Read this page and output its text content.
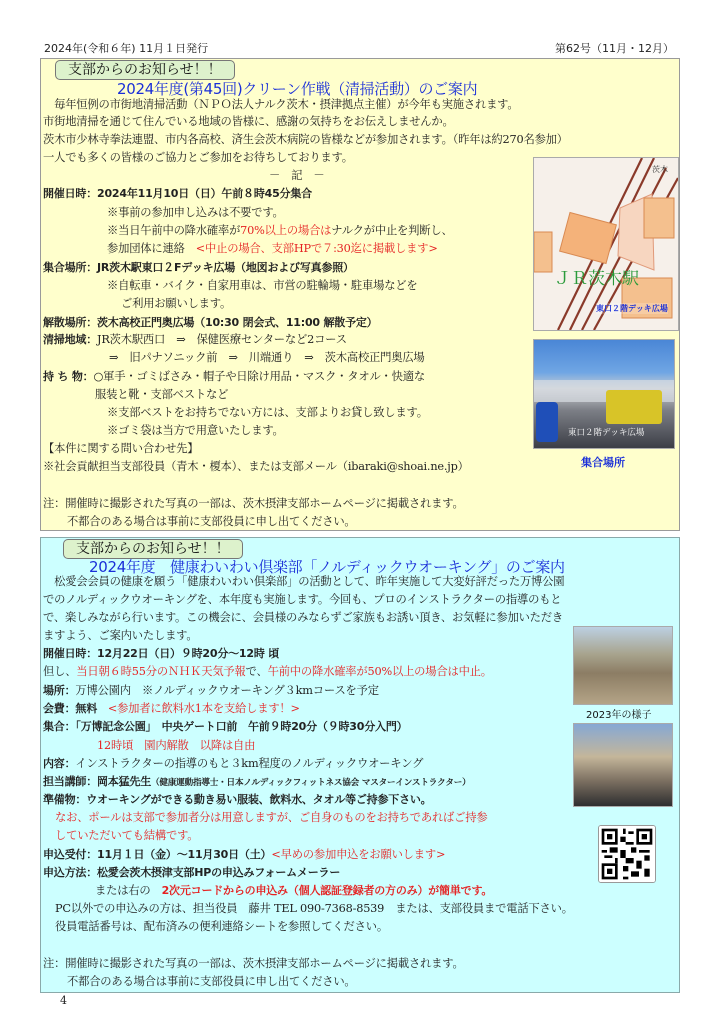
2024年(令和６年) 11月１日発行	第62号（11月・12月）
支部からのお知らせ！！
2024年度(第45回)クリーン作戦（清掃活動）のご案内
　毎年恒例の市街地清掃活動（ＮＰＯ法人ナルク茨木・摂津拠点主催）が今年も実施されます。
市街地清掃を通じて住んでいる地域の皆様に、感謝の気持ちをお伝えしませんか。
茨木市少林寺拳法連盟、市内各高校、済生会茨木病院の皆様などが参加されます。（昨年は約270名参加）
一人でも多くの皆様のご協力とご参加をお待ちしております。
－　記　－
開催日時：2024年11月10日（日）午前８時45分集合
※事前の参加申し込みは不要です。
※当日午前中の降水確率が70%以上の場合はナルクが中止を判断し、
参加団体に連絡　<中止の場合、支部HPで７:30迄に掲載します>
集合場所：JR茨木駅東口２Fデッキ広場（地図および写真参照）
※自転車・バイク・自家用車は、市営の駐輪場・駐車場などを
ご利用お願いします。
解散場所：茨木高校正門奥広場（10:30 閉会式、11:00 解散予定）
清掃地域：JR茨木駅西口　⇒　保健医療センターなど2コース
⇒　旧パナソニック前　⇒　川端通り　⇒　茨木高校正門奥広場
持 ち 物：○軍手・ゴミばさみ・帽子や日除け用品・マスク・タオル・快適な
服装と靴・支部ベストなど
※支部ベストをお持ちでない方には、支部よりお貸し致します。
※ゴミ袋は当方で用意いたします。
【本件に関する問い合わせ先】
※社会貢献担当支部役員（青木・榎本）、または支部メール（ibaraki@shoai.ne.jp）
注：開催時に撮影された写真の一部は、茨木摂津支部ホームページに掲載されます。
不都合のある場合は事前に支部役員に申し出てください。
ＪＲ茨木駅
茨木
東口２階デッキ広場
東口２階デッキ広場
集合場所
支部からのお知らせ！！
2024年度　健康わいわい倶楽部「ノルディックウオーキング」のご案内
　松愛会会員の健康を願う「健康わいわい倶楽部」の活動として、昨年実施して大変好評だった万博公園
でのノルディックウオーキングを、本年度も実施します。今回も、プロのインストラクターの指導のもと
で、楽しみながら行います。この機会に、会員様のみならずご家族もお誘い頂き、お気軽に参加いただき
ますよう、ご案内いたします。
開催日時：12月22日（日）９時20分～12時 頃
但し、当日朝６時55分のＮＨＫ天気予報で、午前中の降水確率が50%以上の場合は中止。
場所：万博公園内　※ノルディックウオーキング３kmコースを予定
会費：無料　<参加者に飲料水1本を支給します！>
集合：「万博記念公園」　中央ゲート口前　午前９時20分（９時30分入門）
12時頃　園内解散　以降は自由
内容：インストラクターの指導のもと３km程度のノルディックウオーキング
担当講師：岡本猛先生（健康運動指導士・日本ノルディックフィットネス協会 マスターインストラクター）
準備物：ウオーキングができる動き易い服装、飲料水、タオル等ご持参下さい。
なお、ポールは支部で参加者分は用意しますが、ご自身のものをお持ちであればご持参
していただいても結構です。
申込受付：11月１日（金）～11月30日（土）<早めの参加申込をお願いします>
申込方法：松愛会茨木摂津支部HPの申込みフォームメーラー
または右の　2次元コードからの申込み（個人認証登録者の方のみ）が簡単です。
PC以外での申込みの方は、担当役員　藤井 TEL 090-7368-8539　または、支部役員まで電話下さい。
役員電話番号は、配布済みの便利連絡シートを参照してください。
注：開催時に撮影された写真の一部は、茨木摂津支部ホームページに掲載されます。
不都合のある場合は事前に支部役員に申し出てください。
2023年の様子
4
